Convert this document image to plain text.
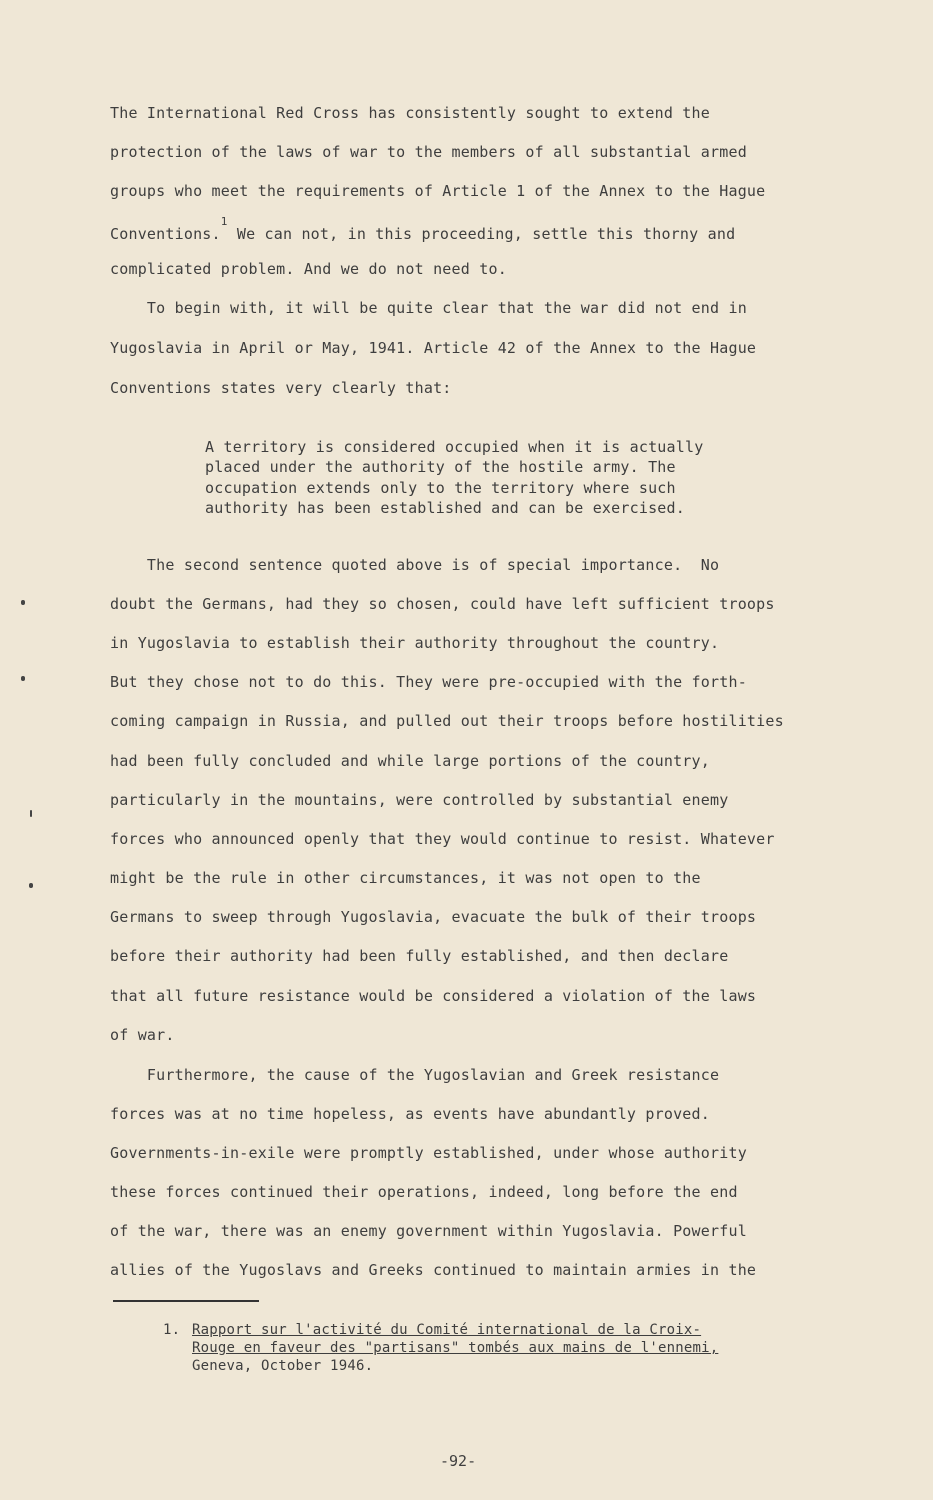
The International Red Cross has consistently sought to extend the
protection of the laws of war to the members of all substantial armed
groups who meet the requirements of Article 1 of the Annex to the Hague
Conventions.$^1$ We can not, in this proceeding, settle this thorny and
complicated problem. And we do not need to.
To begin with, it will be quite clear that the war did not end in
Yugoslavia in April or May, 1941. Article 42 of the Annex to the Hague
Conventions states very clearly that:
A territory is considered occupied when it is actually
placed under the authority of the hostile army. The
occupation extends only to the territory where such
authority has been established and can be exercised.
The second sentence quoted above is of special importance.  No
doubt the Germans, had they so chosen, could have left sufficient troops
in Yugoslavia to establish their authority throughout the country.
But they chose not to do this. They were pre-occupied with the forth-
coming campaign in Russia, and pulled out their troops before hostilities
had been fully concluded and while large portions of the country,
particularly in the mountains, were controlled by substantial enemy
forces who announced openly that they would continue to resist. Whatever
might be the rule in other circumstances, it was not open to the
Germans to sweep through Yugoslavia, evacuate the bulk of their troops
before their authority had been fully established, and then declare
that all future resistance would be considered a violation of the laws
of war.
Furthermore, the cause of the Yugoslavian and Greek resistance
forces was at no time hopeless, as events have abundantly proved.
Governments-in-exile were promptly established, under whose authority
these forces continued their operations, indeed, long before the end
of the war, there was an enemy government within Yugoslavia. Powerful
allies of the Yugoslavs and Greeks continued to maintain armies in the
1. Rapport sur l'activité du Comité international de la Croix-
Rouge en faveur des "partisans" tombés aux mains de l'ennemi,
Geneva, October 1946.
-92-
